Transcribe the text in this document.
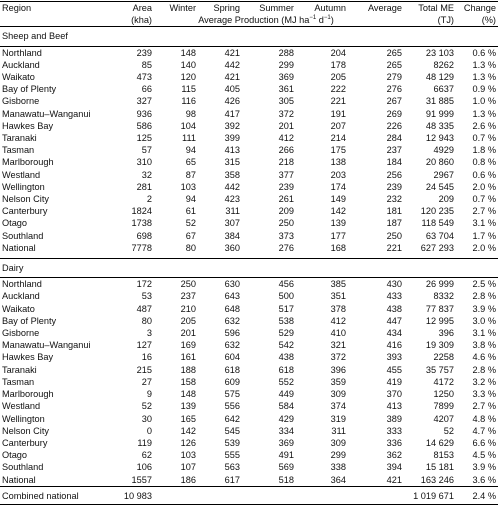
Region	Area	Winter	Spring	Summer	Autumn	Average	Total ME	Change
	(kha)	Average Production (MJ $ha^{-1}$ $d^{-1}$)					(TJ)	(%)
Sheep and Beef								
Northland	239	148	421	288	204	265	23 103	0.6 %
Auckland	85	140	442	299	178	265	8262	1.3 %
Waikato	473	120	421	369	205	279	48 129	1.3 %
Bay of Plenty	66	115	405	361	222	276	6637	0.9 %
Gisborne	327	116	426	305	221	267	31 885	1.0 %
Manawatu–Wanganui	936	98	417	372	191	269	91 999	1.3 %
Hawkes Bay	586	104	392	201	207	226	48 335	2.6 %
Taranaki	125	111	399	412	214	284	12 943	0.7 %
Tasman	57	94	413	266	175	237	4929	1.8 %
Marlborough	310	65	315	218	138	184	20 860	0.8 %
Westland	32	87	358	377	203	256	2967	0.6 %
Wellington	281	103	442	239	174	239	24 545	2.0 %
Nelson City	2	94	423	261	149	232	209	0.7 %
Canterbury	1824	61	311	209	142	181	120 235	2.7 %
Otago	1738	52	307	250	139	187	118 549	3.1 %
Southland	698	67	384	373	177	250	63 704	1.7 %
National	7778	80	360	276	168	221	627 293	2.0 %

Dairy								
Northland	172	250	630	456	385	430	26 999	2.5 %
Auckland	53	237	643	500	351	433	8332	2.8 %
Waikato	487	210	648	517	378	438	77 837	3.9 %
Bay of Plenty	80	205	632	538	412	447	12 995	3.0 %
Gisborne	3	201	596	529	410	434	396	3.1 %
Manawatu–Wanganui	127	169	632	542	321	416	19 309	3.8 %
Hawkes Bay	16	161	604	438	372	393	2258	4.6 %
Taranaki	215	188	618	618	396	455	35 757	2.8 %
Tasman	27	158	609	552	359	419	4172	3.2 %
Marlborough	9	148	575	449	309	370	1250	3.3 %
Westland	52	139	556	584	374	413	7899	2.7 %
Wellington	30	165	642	429	319	389	4207	4.8 %
Nelson City	0	142	545	334	311	333	52	4.7 %
Canterbury	119	126	539	369	309	336	14 629	6.6 %
Otago	62	103	555	491	299	362	8153	4.5 %
Southland	106	107	563	569	338	394	15 181	3.9 %
National	1557	186	617	518	364	421	163 246	3.6 %
Combined national	10 983						1 019 671	2.4 %
